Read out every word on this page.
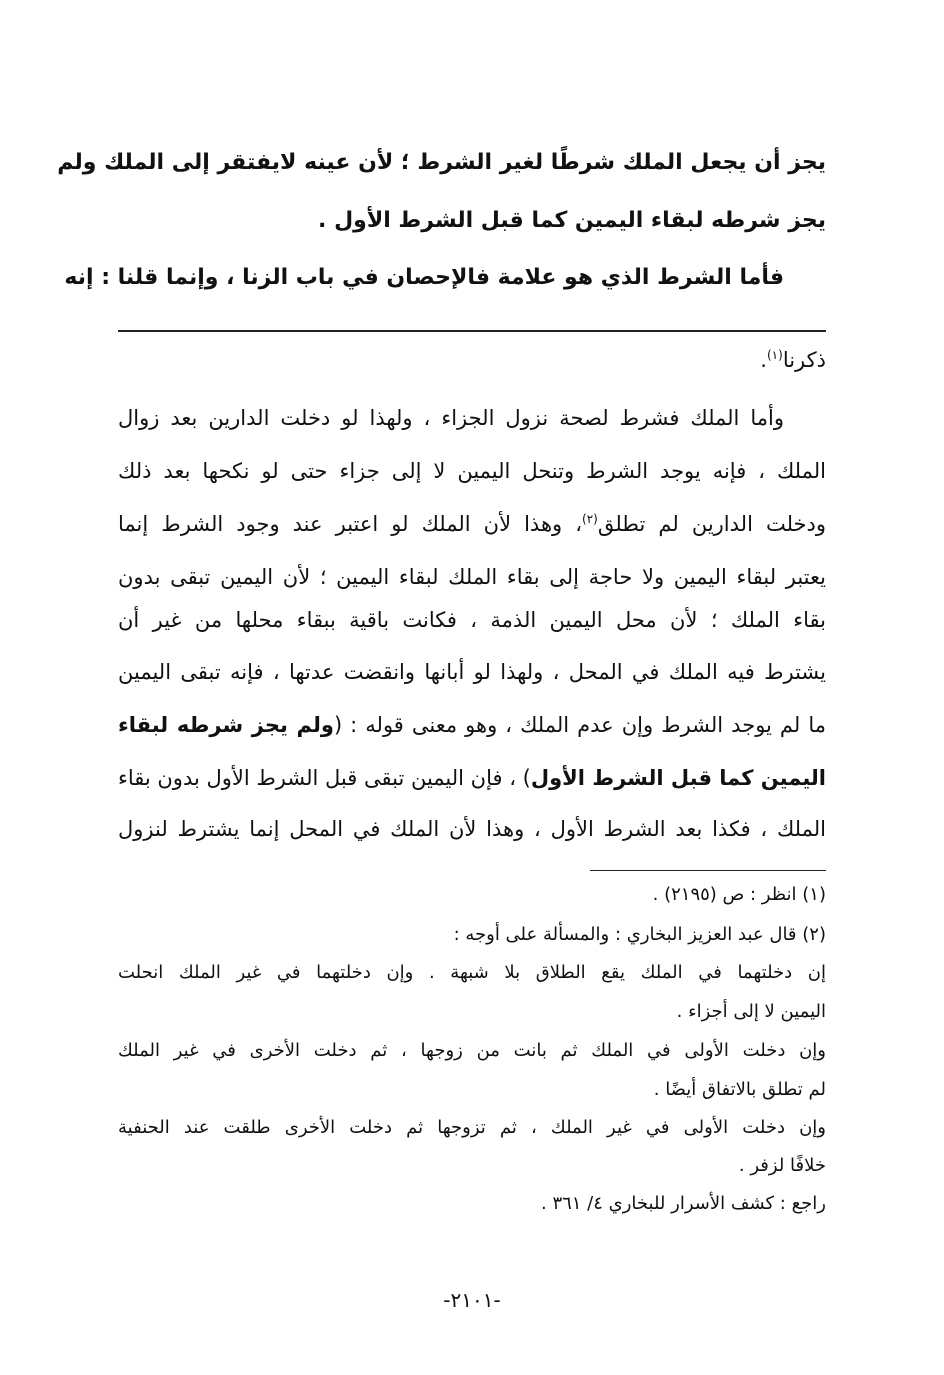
يجز أن يجعل الملك شرطًا لغير الشرط ؛ لأن عينه لايفتقر إلى الملك ولم
يجز شرطه لبقاء اليمين كما قبل الشرط الأول .
فأما الشرط الذي هو علامة فالإحصان في باب الزنا ، وإنما قلنا : إنه
ذكرنا$^{(١)}$.
وأما الملك فشرط لصحة نزول الجزاء ، ولهذا لو دخلت الدارين بعد زوال
الملك ، فإنه يوجد الشرط وتنحل اليمين لا إلى جزاء حتى لو نكحها بعد ذلك
ودخلت الدارين لم تطلق$^{(٢)}$، وهذا لأن الملك لو اعتبر عند وجود الشرط إنما
يعتبر لبقاء اليمين ولا حاجة إلى بقاء الملك لبقاء اليمين ؛ لأن اليمين تبقى بدون
بقاء الملك ؛ لأن محل اليمين الذمة ، فكانت باقية ببقاء محلها من غير أن
يشترط فيه الملك في المحل ، ولهذا لو أبانها وانقضت عدتها ، فإنه تبقى اليمين
ما لم يوجد الشرط وإن عدم الملك ، وهو معنى قوله : (ولم يجز شرطه لبقاء
اليمين كما قبل الشرط الأول) ، فإن اليمين تبقى قبل الشرط الأول بدون بقاء
الملك ، فكذا بعد الشرط الأول ، وهذا لأن الملك في المحل إنما يشترط لنزول
(١) انظر : ص (٢١٩٥) .
(٢) قال عبد العزيز البخاري : والمسألة على أوجه :
إن دخلتهما في الملك يقع الطلاق بلا شبهة . وإن دخلتهما في غير الملك انحلت
اليمين لا إلى أجزاء .
وإن دخلت الأولى في الملك ثم بانت من زوجها ، ثم دخلت الأخرى في غير الملك
لم تطلق بالاتفاق أيضًا .
وإن دخلت الأولى في غير الملك ، ثم تزوجها ثم دخلت الأخرى طلقت عند الحنفية
خلافًا لزفر .
راجع : كشف الأسرار للبخاري ٤/ ٣٦١ .
-٢١٠١-
